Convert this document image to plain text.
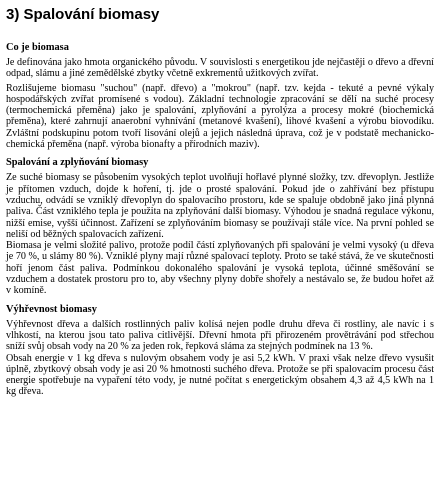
3) Spalování biomasy
Co je biomasa

Je definována jako hmota organického původu. V souvislosti s energetikou jde nejčastěji o dřevo a dřevní odpad, slámu a jiné zemědělské zbytky včetně exkrementů užitkových zvířat.

Rozlišujeme biomasu "suchou" (např. dřevo) a "mokrou" (např. tzv. kejda - tekuté a pevné výkaly hospodářských zvířat promísené s vodou). Základní technologie zpracování se dělí na suché procesy (termochemická přeměna) jako je spalování, zplyňování a pyrolýza a procesy mokré (biochemická přeměna), které zahrnují anaerobní vyhnívání (metanové kvašení), lihové kvašení a výrobu biovodíku. Zvláštní podskupinu potom tvoří lisování olejů a jejich následná úprava, což je v podstatě mechanicko-chemická přeměna (např. výroba bionafty a přírodních maziv).

Spalování a zplyňování biomasy

Ze suché biomasy se působením vysokých teplot uvolňují hořlavé plynné složky, tzv. dřevoplyn. Jestliže je přítomen vzduch, dojde k hoření, tj. jde o prosté spalování. Pokud jde o zahřívání bez přístupu vzduchu, odvádí se vzniklý dřevoplyn do spalovacího prostoru, kde se spaluje obdobně jako jiná plynná paliva. Část vzniklého tepla je použita na zplyňování další biomasy. Výhodou je snadná regulace výkonu, nižší emise, vyšší účinnost. Zařízení se zplyňováním biomasy se používají stále více. Na první pohled se neliší od běžných spalovacích zařízení.

Biomasa je velmi složité palivo, protože podíl částí zplyňovaných při spalování je velmi vysoký (u dřeva je 70 %, u slámy 80 %). Vzniklé plyny mají různé spalovací teploty. Proto se také stává, že ve skutečnosti hoří jenom část paliva. Podmínkou dokonalého spalování je vysoká teplota, účinné směšování se vzduchem a dostatek prostoru pro to, aby všechny plyny dobře shořely a nestávalo se, že budou hořet až v komíně.

Výhřevnost biomasy

Výhřevnost dřeva a dalších rostlinných paliv kolísá nejen podle druhu dřeva či rostliny, ale navíc i s vlhkostí, na kterou jsou tato paliva citlivější. Dřevní hmota při přirozeném provětrávání pod střechou sníží svůj obsah vody na 20 % za jeden rok, řepková sláma za stejných podmínek na 13 %.

Obsah energie v 1 kg dřeva s nulovým obsahem vody je asi 5,2 kWh. V praxi však nelze dřevo vysušit úplně, zbytkový obsah vody je asi 20 % hmotnosti suchého dřeva. Protože se při spalovacím procesu část energie spotřebuje na vypaření této vody, je nutné počítat s energetickým obsahem 4,3 až 4,5 kWh na 1 kg dřeva.
